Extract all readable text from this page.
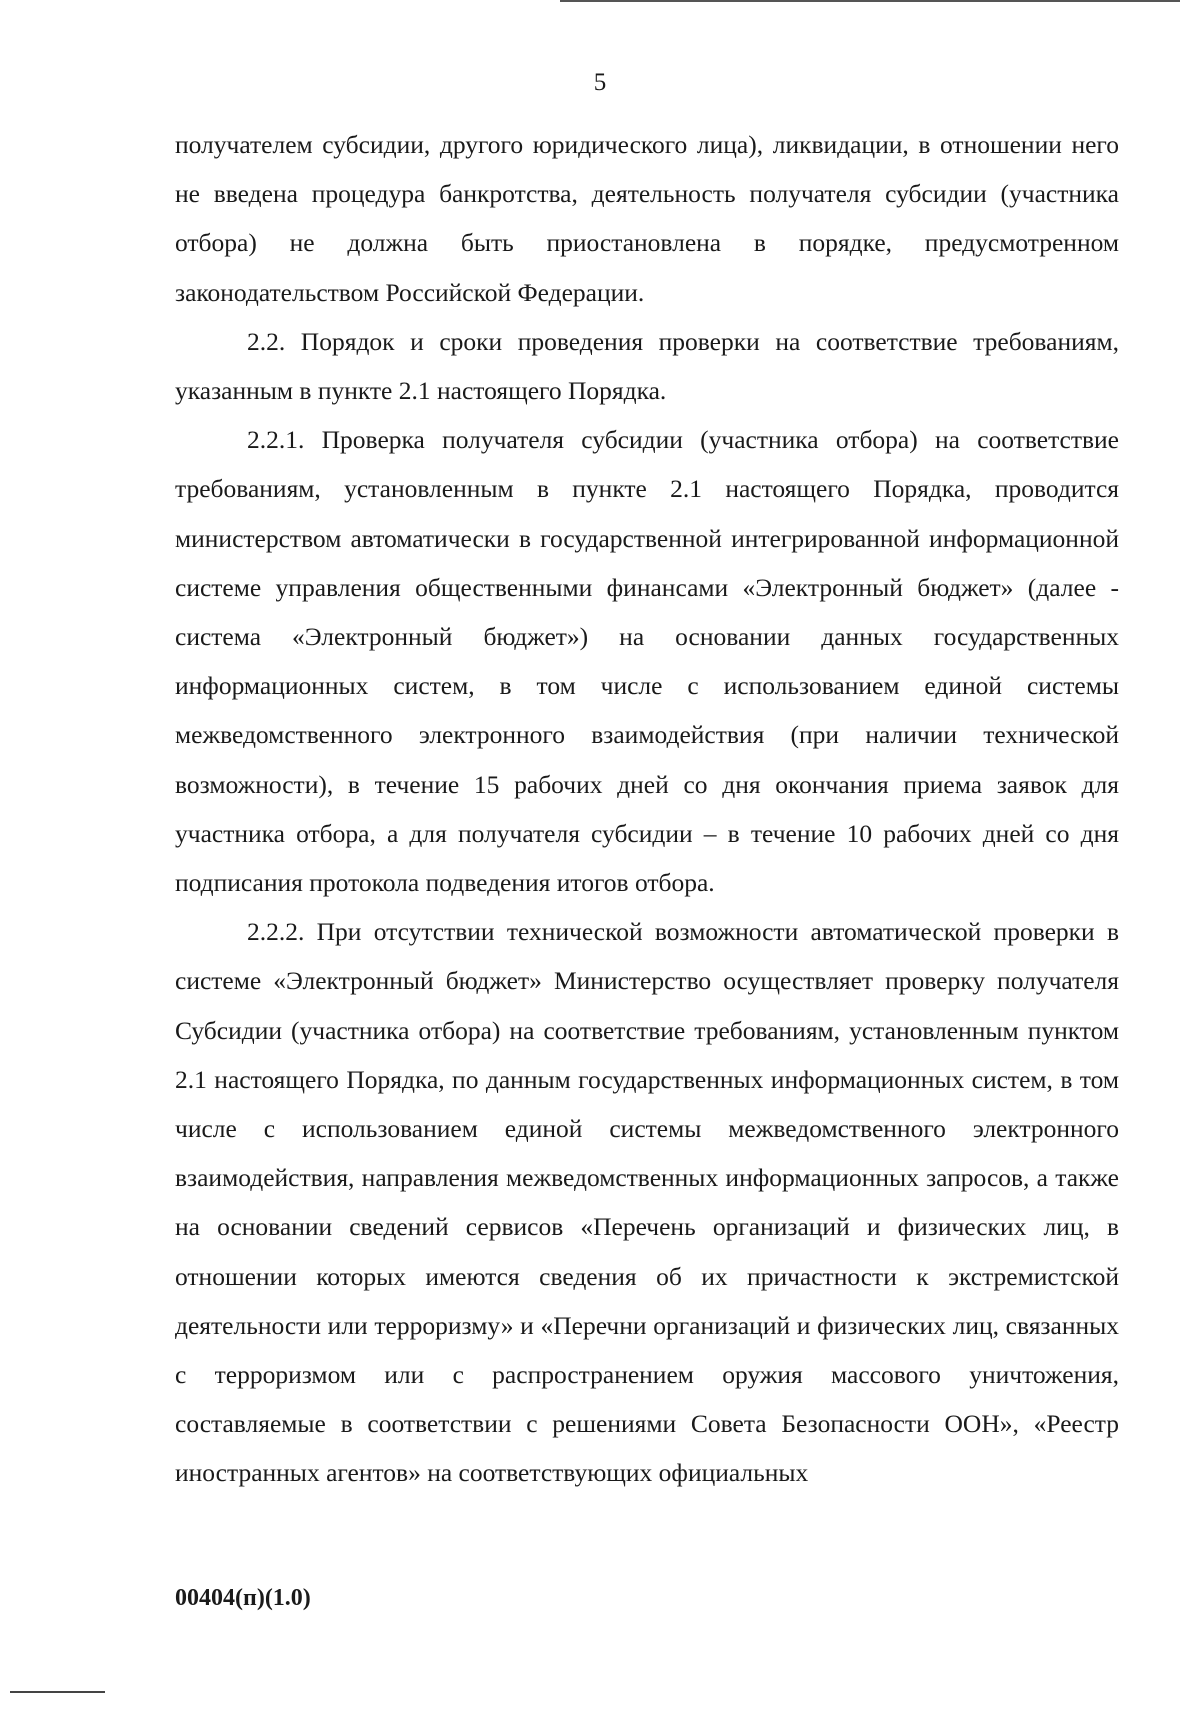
5

получателем субсидии, другого юридического лица), ликвидации, в отношении него не введена процедура банкротства, деятельность получателя субсидии (участника отбора) не должна быть приостановлена в порядке, предусмотренном законодательством Российской Федерации.

2.2. Порядок и сроки проведения проверки на соответствие требованиям, указанным в пункте 2.1 настоящего Порядка.

2.2.1. Проверка получателя субсидии (участника отбора) на соответствие требованиям, установленным в пункте 2.1 настоящего Порядка, проводится министерством автоматически в государственной интегрированной информационной системе управления общественными финансами «Электронный бюджет» (далее - система «Электронный бюджет») на основании данных государственных информационных систем, в том числе с использованием единой системы межведомственного электронного взаимодействия (при наличии технической возможности), в течение 15 рабочих дней со дня окончания приема заявок для участника отбора, а для получателя субсидии – в течение 10 рабочих дней со дня подписания протокола подведения итогов отбора.

2.2.2. При отсутствии технической возможности автоматической проверки в системе «Электронный бюджет» Министерство осуществляет проверку получателя Субсидии (участника отбора) на соответствие требованиям, установленным пунктом 2.1 настоящего Порядка, по данным государственных информационных систем, в том числе с использованием единой системы межведомственного электронного взаимодействия, направления межведомственных информационных запросов, а также на основании сведений сервисов «Перечень организаций и физических лиц, в отношении которых имеются сведения об их причастности к экстремистской деятельности или терроризму» и «Перечни организаций и физических лиц, связанных с терроризмом или с распространением оружия массового уничтожения, составляемые в соответствии с решениями Совета Безопасности ООН», «Реестр иностранных агентов» на соответствующих официальных

00404(п)(1.0)
